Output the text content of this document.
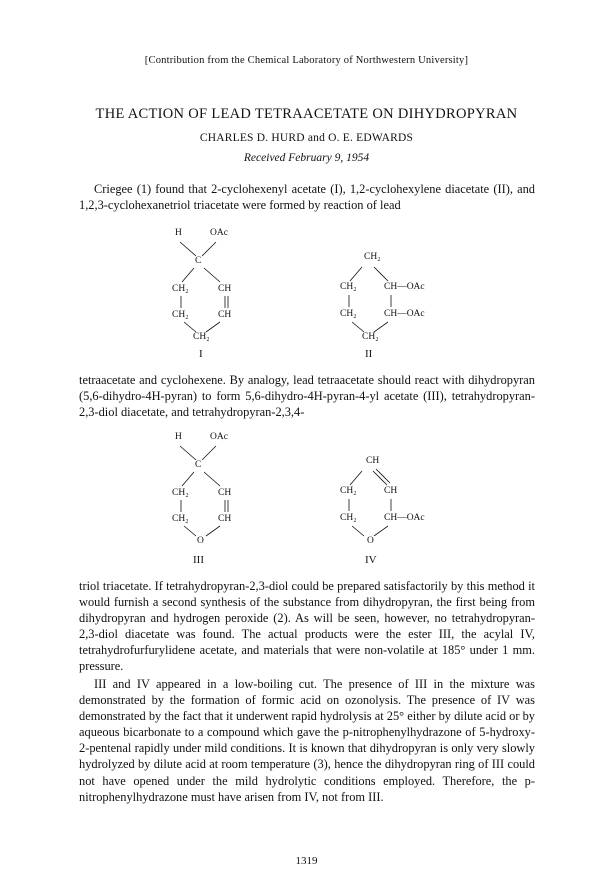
[Contribution from the Chemical Laboratory of Northwestern University]
THE ACTION OF LEAD TETRAACETATE ON DIHYDROPYRAN
CHARLES D. HURD and O. E. EDWARDS
Received February 9, 1954

Criegee (1) found that 2-cyclohexenyl acetate (I), 1,2-cyclohexylene diacetate (II), and 1,2,3-cyclohexanetriol triacetate were formed by reaction of lead

H	OAc
C
CH₂	CH
CH₂	CH
CH₂
I
CH₂
CH₂	CH—OAc
CH₂	CH—OAc
CH₂
II

tetraacetate and cyclohexene. By analogy, lead tetraacetate should react with dihydropyran (5,6-dihydro-4H-pyran) to form 5,6-dihydro-4H-pyran-4-yl acetate (III), tetrahydropyran-2,3-diol diacetate, and tetrahydropyran-2,3,4-

H	OAc
C
CH₂	CH
CH₂	CH
O
III
CH
CH₂	CH
CH₂	CH—OAc
O
IV

triol triacetate. If tetrahydropyran-2,3-diol could be prepared satisfactorily by this method it would furnish a second synthesis of the substance from dihydropyran, the first being from dihydropyran and hydrogen peroxide (2). As will be seen, however, no tetrahydropyran-2,3-diol diacetate was found. The actual products were the ester III, the acylal IV, tetrahydrofurfurylidene acetate, and materials that were non-volatile at 185° under 1 mm. pressure.

III and IV appeared in a low-boiling cut. The presence of III in the mixture was demonstrated by the formation of formic acid on ozonolysis. The presence of IV was demonstrated by the fact that it underwent rapid hydrolysis at 25° either by dilute acid or by aqueous bicarbonate to a compound which gave the p-nitrophenylhydrazone of 5-hydroxy-2-pentenal rapidly under mild conditions. It is known that dihydropyran is only very slowly hydrolyzed by dilute acid at room temperature (3), hence the dihydropyran ring of III could not have opened under the mild hydrolytic conditions employed. Therefore, the p-nitrophenylhydrazone must have arisen from IV, not from III.

1319
